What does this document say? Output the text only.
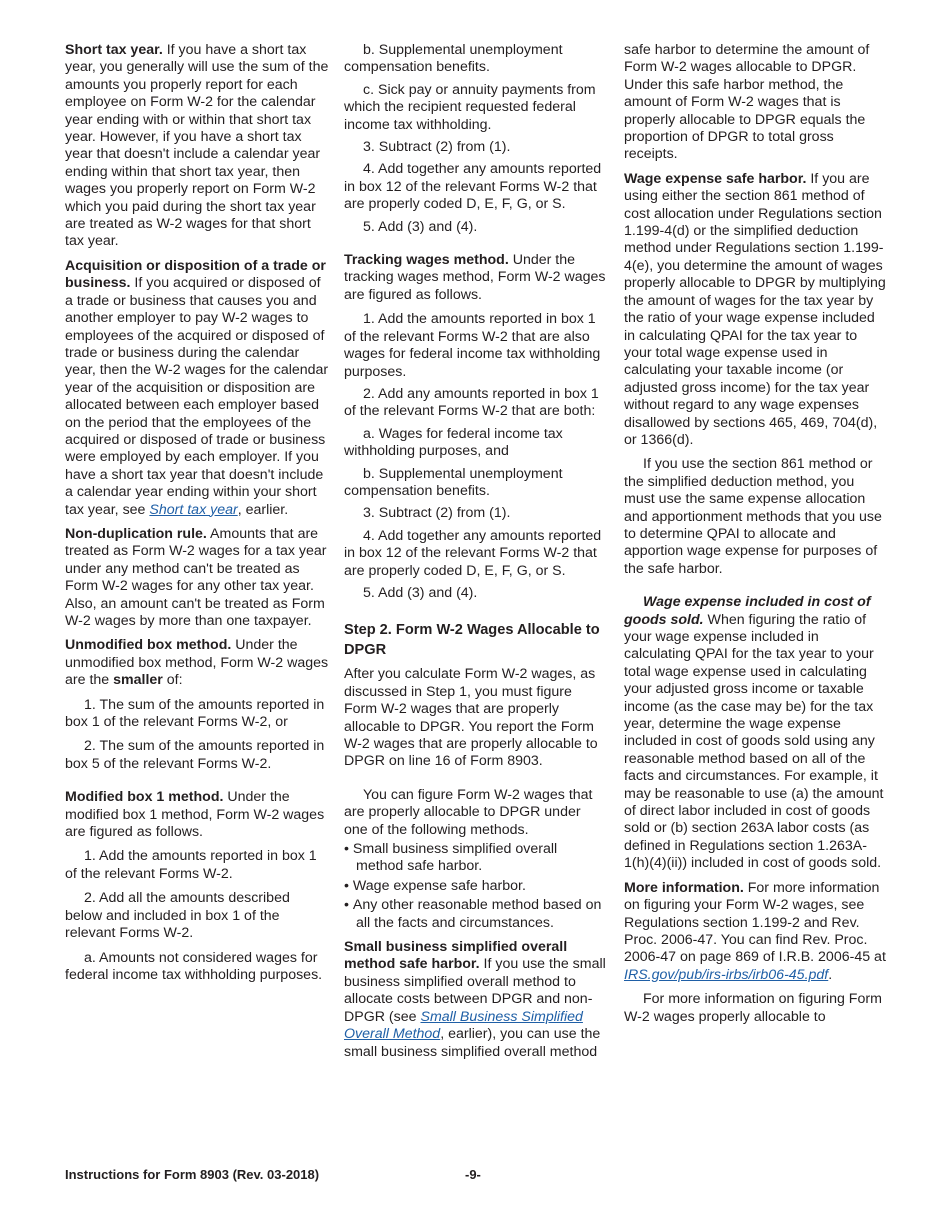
Short tax year. If you have a short tax year, you generally will use the sum of the amounts you properly report for each employee on Form W-2 for the calendar year ending with or within that short tax year. However, if you have a short tax year that doesn't include a calendar year ending within that short tax year, then wages you properly report on Form W-2 which you paid during the short tax year are treated as W-2 wages for that short tax year.

Acquisition or disposition of a trade or business. If you acquired or disposed of a trade or business that causes you and another employer to pay W-2 wages to employees of the acquired or disposed of trade or business during the calendar year, then the W-2 wages for the calendar year of the acquisition or disposition are allocated between each employer based on the period that the employees of the acquired or disposed of trade or business were employed by each employer. If you have a short tax year that doesn't include a calendar year ending within your short tax year, see Short tax year, earlier.

Non-duplication rule. Amounts that are treated as Form W-2 wages for a tax year under any method can't be treated as Form W-2 wages for any other tax year. Also, an amount can't be treated as Form W-2 wages by more than one taxpayer.

Unmodified box method. Under the unmodified box method, Form W-2 wages are the smaller of:

1. The sum of the amounts reported in box 1 of the relevant Forms W-2, or

2. The sum of the amounts reported in box 5 of the relevant Forms W-2.

Modified box 1 method. Under the modified box 1 method, Form W-2 wages are figured as follows.

1. Add the amounts reported in box 1 of the relevant Forms W-2.

2. Add all the amounts described below and included in box 1 of the relevant Forms W-2.

a. Amounts not considered wages for federal income tax withholding purposes.

b. Supplemental unemployment compensation benefits.

c. Sick pay or annuity payments from which the recipient requested federal income tax withholding.

3. Subtract (2) from (1).

4. Add together any amounts reported in box 12 of the relevant Forms W-2 that are properly coded D, E, F, G, or S.

5. Add (3) and (4).

Tracking wages method. Under the tracking wages method, Form W-2 wages are figured as follows.

1. Add the amounts reported in box 1 of the relevant Forms W-2 that are also wages for federal income tax withholding purposes.

2. Add any amounts reported in box 1 of the relevant Forms W-2 that are both:

a. Wages for federal income tax withholding purposes, and

b. Supplemental unemployment compensation benefits.

3. Subtract (2) from (1).

4. Add together any amounts reported in box 12 of the relevant Forms W-2 that are properly coded D, E, F, G, or S.

5. Add (3) and (4).

Step 2. Form W-2 Wages Allocable to DPGR

After you calculate Form W-2 wages, as discussed in Step 1, you must figure Form W-2 wages that are properly allocable to DPGR. You report the Form W-2 wages that are properly allocable to DPGR on line 16 of Form 8903.

You can figure Form W-2 wages that are properly allocable to DPGR under one of the following methods.

• Small business simplified overall method safe harbor.

• Wage expense safe harbor.

• Any other reasonable method based on all the facts and circumstances.

Small business simplified overall method safe harbor. If you use the small business simplified overall method to allocate costs between DPGR and non-DPGR (see Small Business Simplified Overall Method, earlier), you can use the small business simplified overall method

safe harbor to determine the amount of Form W-2 wages allocable to DPGR. Under this safe harbor method, the amount of Form W-2 wages that is properly allocable to DPGR equals the proportion of DPGR to total gross receipts.

Wage expense safe harbor. If you are using either the section 861 method of cost allocation under Regulations section 1.199-4(d) or the simplified deduction method under Regulations section 1.199-4(e), you determine the amount of wages properly allocable to DPGR by multiplying the amount of wages for the tax year by the ratio of your wage expense included in calculating QPAI for the tax year to your total wage expense used in calculating your taxable income (or adjusted gross income) for the tax year without regard to any wage expenses disallowed by sections 465, 469, 704(d), or 1366(d).

If you use the section 861 method or the simplified deduction method, you must use the same expense allocation and apportionment methods that you use to determine QPAI to allocate and apportion wage expense for purposes of the safe harbor.

Wage expense included in cost of goods sold. When figuring the ratio of your wage expense included in calculating QPAI for the tax year to your total wage expense used in calculating your adjusted gross income or taxable income (as the case may be) for the tax year, determine the wage expense included in cost of goods sold using any reasonable method based on all of the facts and circumstances. For example, it may be reasonable to use (a) the amount of direct labor included in cost of goods sold or (b) section 263A labor costs (as defined in Regulations section 1.263A-1(h)(4)(ii)) included in cost of goods sold.

More information. For more information on figuring your Form W-2 wages, see Regulations section 1.199-2 and Rev. Proc. 2006-47. You can find Rev. Proc. 2006-47 on page 869 of I.R.B. 2006-45 at IRS.gov/pub/irs-irbs/irb06-45.pdf.

For more information on figuring Form W-2 wages properly allocable to

Instructions for Form 8903 (Rev. 03-2018)	-9-
